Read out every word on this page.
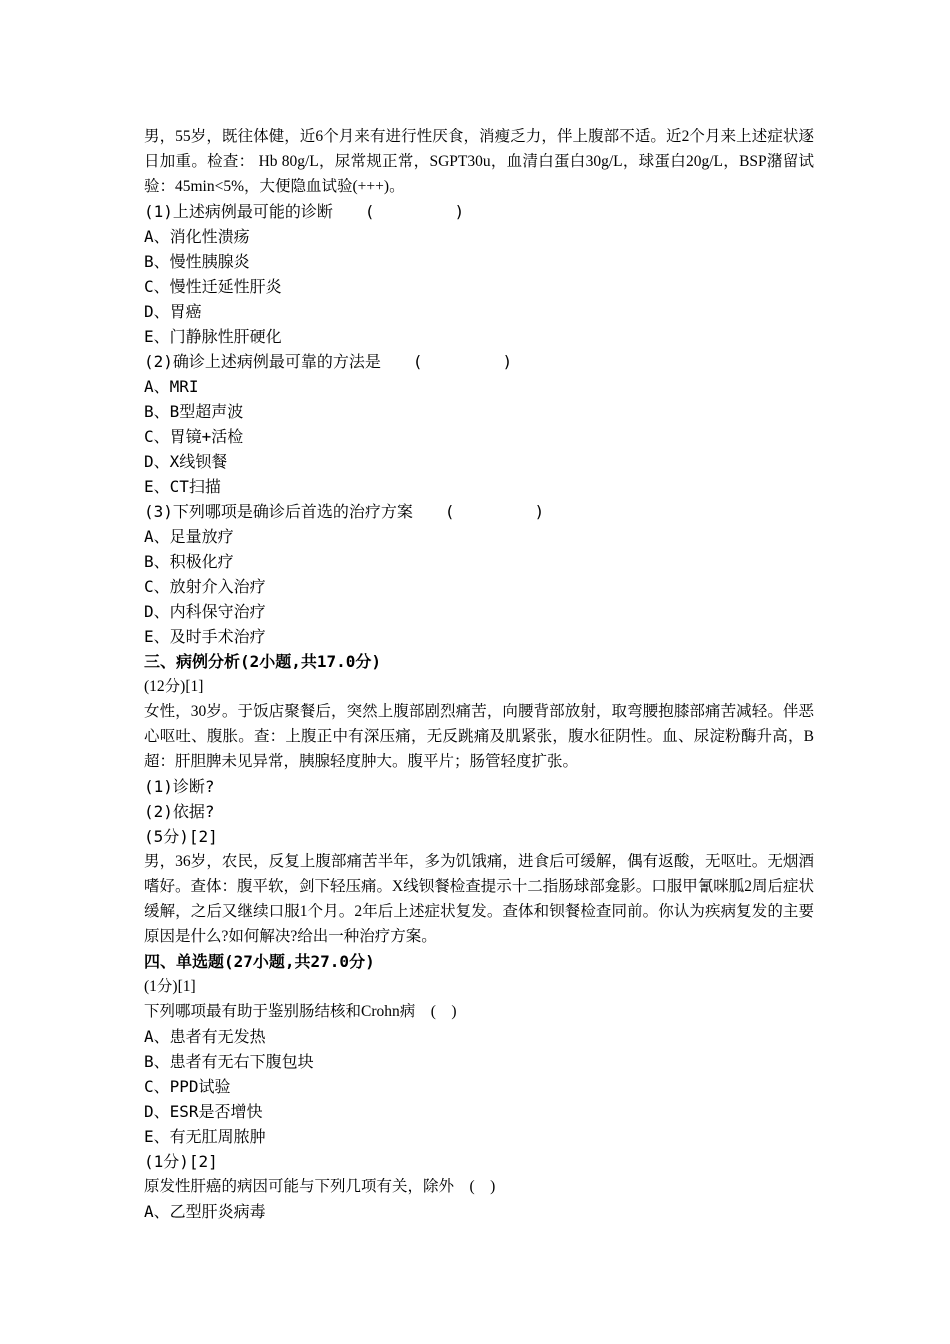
男，55岁，既往体健，近6个月来有进行性厌食，消瘦乏力，伴上腹部不适。近2个月来上述症状逐日加重。检查： Hb 80g/L，尿常规正常，SGPT30u，血清白蛋白30g/L，球蛋白20g/L，BSP潴留试验：45min<5%，大便隐血试验(+++)。

(1)上述病例最可能的诊断　　(　　　　　)

A、消化性溃疡

B、慢性胰腺炎

C、慢性迁延性肝炎

D、胃癌

E、门静脉性肝硬化

(2)确诊上述病例最可靠的方法是　　(　　　　　)

A、MRI

B、B型超声波

C、胃镜+活检

D、X线钡餐

E、CT扫描

(3)下列哪项是确诊后首选的治疗方案　　(　　　　　)

A、足量放疗

B、积极化疗

C、放射介入治疗

D、内科保守治疗

E、及时手术治疗

三、病例分析(2小题,共17.0分)

(12分)[1]

女性，30岁。于饭店聚餐后，突然上腹部剧烈痛苦，向腰背部放射，取弯腰抱膝部痛苦减轻。伴恶心呕吐、腹胀。查：上腹正中有深压痛，无反跳痛及肌紧张，腹水征阴性。血、尿淀粉酶升高，B超：肝胆脾未见异常，胰腺轻度肿大。腹平片；肠管轻度扩张。

(1)诊断?

(2)依据?

(5分)[2]

男，36岁，农民，反复上腹部痛苦半年，多为饥饿痛，进食后可缓解，偶有返酸，无呕吐。无烟酒嗜好。查体：腹平软，剑下轻压痛。X线钡餐检查提示十二指肠球部龛影。口服甲氰咪胍2周后症状缓解，之后又继续口服1个月。2年后上述症状复发。查体和钡餐检查同前。你认为疾病复发的主要原因是什么?如何解决?给出一种治疗方案。

四、单选题(27小题,共27.0分)

(1分)[1]

下列哪项最有助于鉴别肠结核和Crohn病　(　)

A、患者有无发热

B、患者有无右下腹包块

C、PPD试验

D、ESR是否增快

E、有无肛周脓肿

(1分)[2]

原发性肝癌的病因可能与下列几项有关，除外　(　)

A、乙型肝炎病毒
